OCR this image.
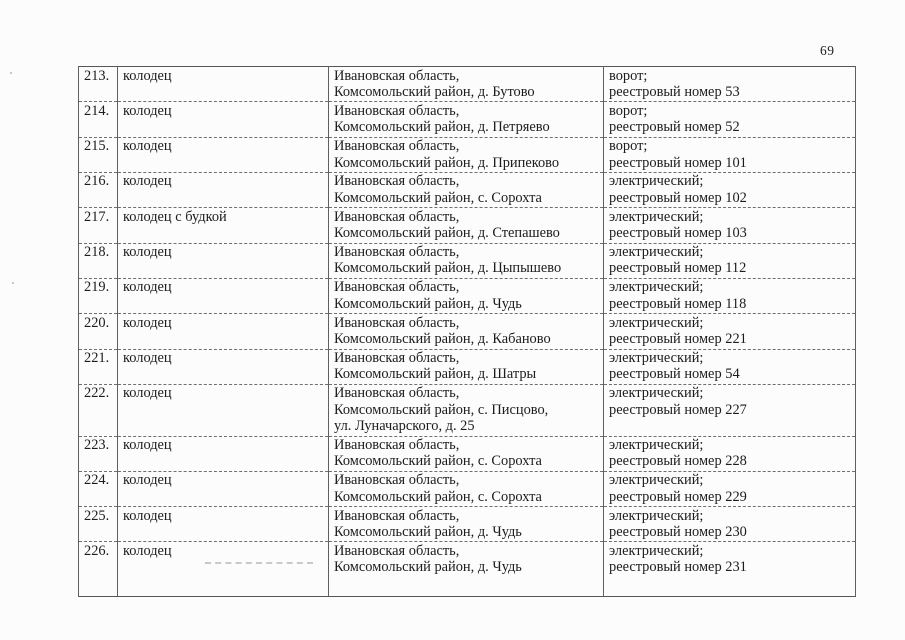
69
213.	колодец	Ивановская область,
Комсомольский район, д. Бутово	ворот;
реестровый номер 53

214.	колодец	Ивановская область,
Комсомольский район, д. Петряево	ворот;
реестровый номер 52

215.	колодец	Ивановская область,
Комсомольский район, д. Припеково	ворот;
реестровый номер 101

216.	колодец	Ивановская область,
Комсомольский район, с. Сорохта	электрический;
реестровый номер 102

217.	колодец с будкой	Ивановская область,
Комсомольский район, д. Степашево	электрический;
реестровый номер 103

218.	колодец	Ивановская область,
Комсомольский район, д. Цыпышево	электрический;
реестровый номер 112

219.	колодец	Ивановская область,
Комсомольский район, д. Чудь	электрический;
реестровый номер 118

220.	колодец	Ивановская область,
Комсомольский район, д. Кабаново	электрический;
реестровый номер 221

221.	колодец	Ивановская область,
Комсомольский район, д. Шатры	электрический;
реестровый номер 54

222.	колодец	Ивановская область,
Комсомольский район, с. Писцово,
ул. Луначарского, д. 25	электрический;
реестровый номер 227

223.	колодец	Ивановская область,
Комсомольский район, с. Сорохта	электрический;
реестровый номер 228

224.	колодец	Ивановская область,
Комсомольский район, с. Сорохта	электрический;
реестровый номер 229

225.	колодец	Ивановская область,
Комсомольский район, д. Чудь	электрический;
реестровый номер 230

226.	колодец	Ивановская область,
Комсомольский район, д. Чудь	электрический;
реестровый номер 231
